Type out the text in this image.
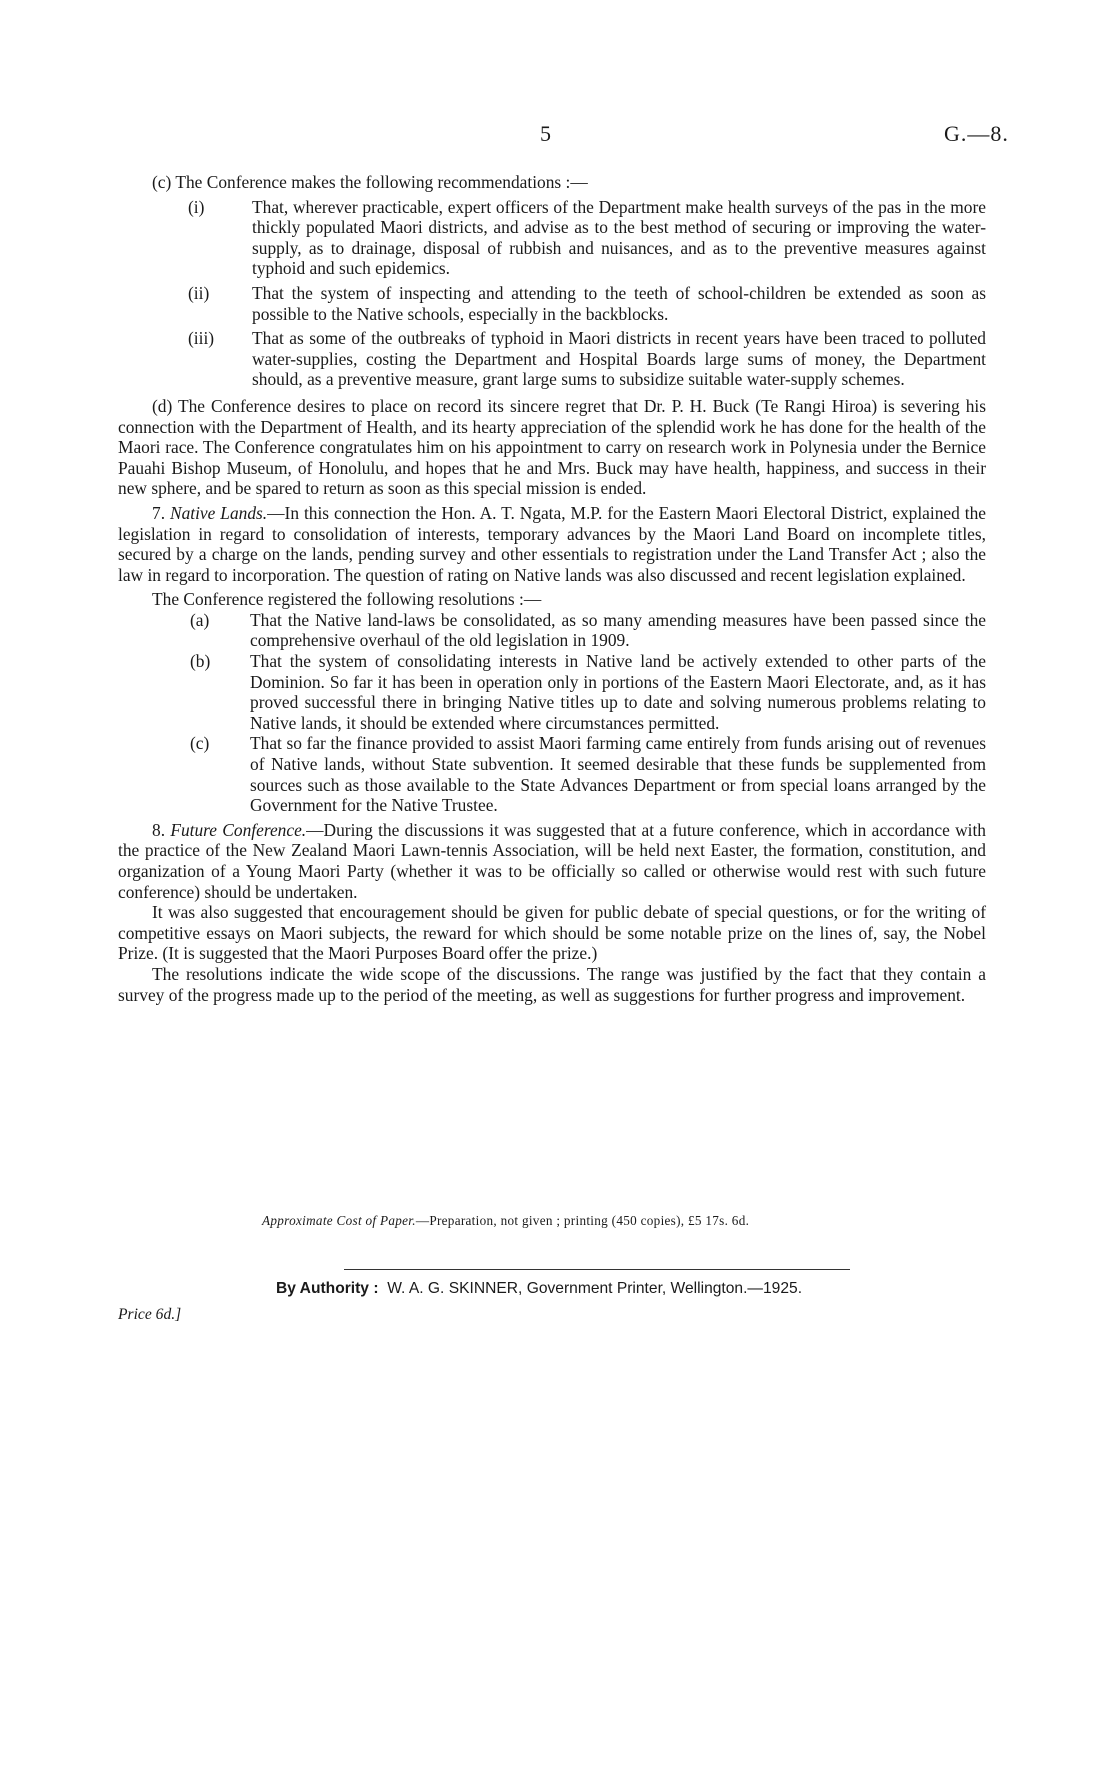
5	G.—8.

(c) The Conference makes the following recommendations :—

(i)	That, wherever practicable, expert officers of the Department make health surveys of the pas in the more thickly populated Maori districts, and advise as to the best method of securing or improving the water-supply, as to drainage, disposal of rubbish and nuisances, and as to the preventive measures against typhoid and such epidemics.

(ii) That the system of inspecting and attending to the teeth of school-children be extended as soon as possible to the Native schools, especially in the backblocks.

(iii) That as some of the outbreaks of typhoid in Maori districts in recent years have been traced to polluted water-supplies, costing the Department and Hospital Boards large sums of money, the Department should, as a preventive measure, grant large sums to subsidize suitable water-supply schemes.

(d) The Conference desires to place on record its sincere regret that Dr. P. H. Buck (Te Rangi Hiroa) is severing his connection with the Department of Health, and its hearty appreciation of the splendid work he has done for the health of the Maori race. The Conference congratulates him on his appointment to carry on research work in Polynesia under the Bernice Pauahi Bishop Museum, of Honolulu, and hopes that he and Mrs. Buck may have health, happiness, and success in their new sphere, and be spared to return as soon as this special mission is ended.

7. Native Lands.—In this connection the Hon. A. T. Ngata, M.P. for the Eastern Maori Electoral District, explained the legislation in regard to consolidation of interests, temporary advances by the Maori Land Board on incomplete titles, secured by a charge on the lands, pending survey and other essentials to registration under the Land Transfer Act ; also the law in regard to incorporation. The question of rating on Native lands was also discussed and recent legislation explained.

The Conference registered the following resolutions :—

(a) That the Native land-laws be consolidated, as so many amending measures have been passed since the comprehensive overhaul of the old legislation in 1909.

(b) That the system of consolidating interests in Native land be actively extended to other parts of the Dominion. So far it has been in operation only in portions of the Eastern Maori Electorate, and, as it has proved successful there in bringing Native titles up to date and solving numerous problems relating to Native lands, it should be extended where circumstances permitted.

(c) That so far the finance provided to assist Maori farming came entirely from funds arising out of revenues of Native lands, without State subvention. It seemed desirable that these funds be supplemented from sources such as those available to the State Advances Department or from special loans arranged by the Government for the Native Trustee.

8. Future Conference.—During the discussions it was suggested that at a future conference, which in accordance with the practice of the New Zealand Maori Lawn-tennis Association, will be held next Easter, the formation, constitution, and organization of a Young Maori Party (whether it was to be officially so called or otherwise would rest with such future conference) should be undertaken.

It was also suggested that encouragement should be given for public debate of special questions, or for the writing of competitive essays on Maori subjects, the reward for which should be some notable prize on the lines of, say, the Nobel Prize. (It is suggested that the Maori Purposes Board offer the prize.)

The resolutions indicate the wide scope of the discussions. The range was justified by the fact that they contain a survey of the progress made up to the period of the meeting, as well as suggestions for further progress and improvement.

Approximate Cost of Paper.—Preparation, not given ; printing (450 copies), £5 17s. 6d.
By Authority : W. A. G. SKINNER, Government Printer, Wellington.—1925.
Price 6d.]
